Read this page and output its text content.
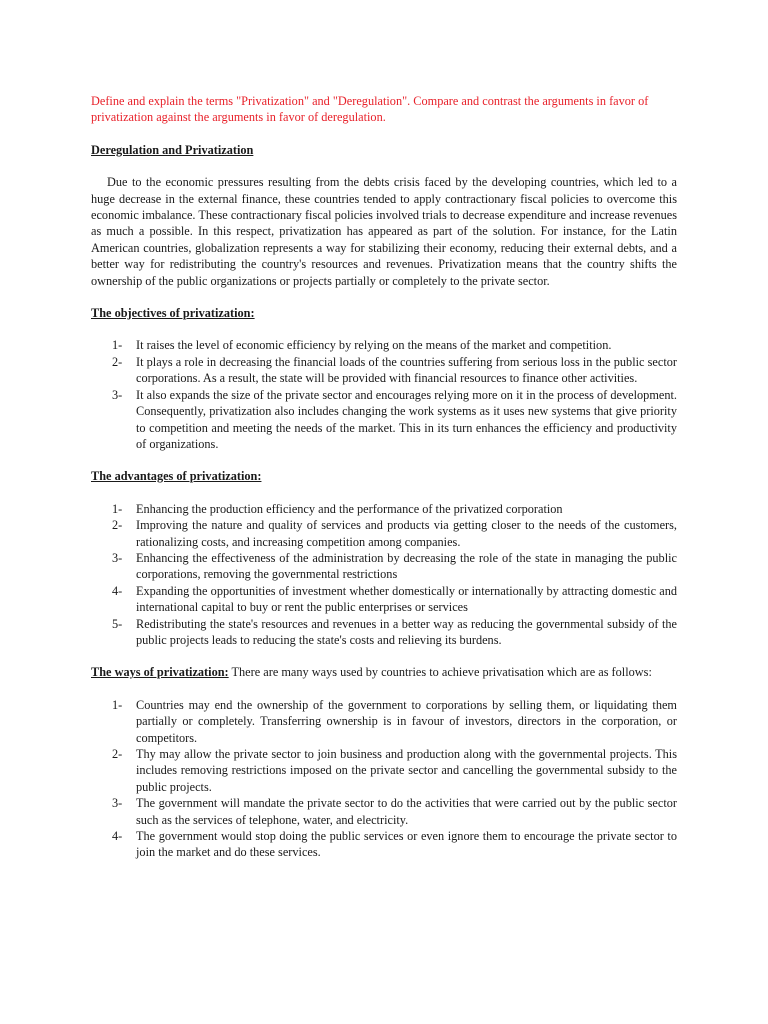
Define and explain the terms "Privatization" and "Deregulation". Compare and contrast the arguments in favor of privatization against the arguments in favor of deregulation.

Deregulation and Privatization

Due to the economic pressures resulting from the debts crisis faced by the developing countries, which led to a huge decrease in the external finance, these countries tended to apply contractionary fiscal policies to overcome this economic imbalance. These contractionary fiscal policies involved trials to decrease expenditure and increase revenues as much a possible. In this respect, privatization has appeared as part of the solution. For instance, for the Latin American countries, globalization represents a way for stabilizing their economy, reducing their external debts, and a better way for redistributing the country's resources and revenues. Privatization means that the country shifts the ownership of the public organizations or projects partially or completely to the private sector.

The objectives of privatization:

1- It raises the level of economic efficiency by relying on the means of the market and competition.
2- It plays a role in decreasing the financial loads of the countries suffering from serious loss in the public sector corporations. As a result, the state will be provided with financial resources to finance other activities.
3- It also expands the size of the private sector and encourages relying more on it in the process of development. Consequently, privatization also includes changing the work systems as it uses new systems that give priority to competition and meeting the needs of the market. This in its turn enhances the efficiency and productivity of organizations.

The advantages of privatization:

1- Enhancing the production efficiency and the performance of the privatized corporation
2- Improving the nature and quality of services and products via getting closer to the needs of the customers, rationalizing costs, and increasing competition among companies.
3- Enhancing the effectiveness of the administration by decreasing the role of the state in managing the public corporations, removing the governmental restrictions
4- Expanding the opportunities of investment whether domestically or internationally by attracting domestic and international capital to buy or rent the public enterprises or services
5- Redistributing the state's resources and revenues in a better way as reducing the governmental subsidy of the public projects leads to reducing the state's costs and relieving its burdens.

The ways of privatization: There are many ways used by countries to achieve privatisation which are as follows:

1- Countries may end the ownership of the government to corporations by selling them, or liquidating them partially or completely. Transferring ownership is in favour of investors, directors in the corporation, or competitors.
2- Thy may allow the private sector to join business and production along with the governmental projects. This includes removing restrictions imposed on the private sector and cancelling the governmental subsidy to the public projects.
3- The government will mandate the private sector to do the activities that were carried out by the public sector such as the services of telephone, water, and electricity.
4- The government would stop doing the public services or even ignore them to encourage the private sector to join the market and do these services.
